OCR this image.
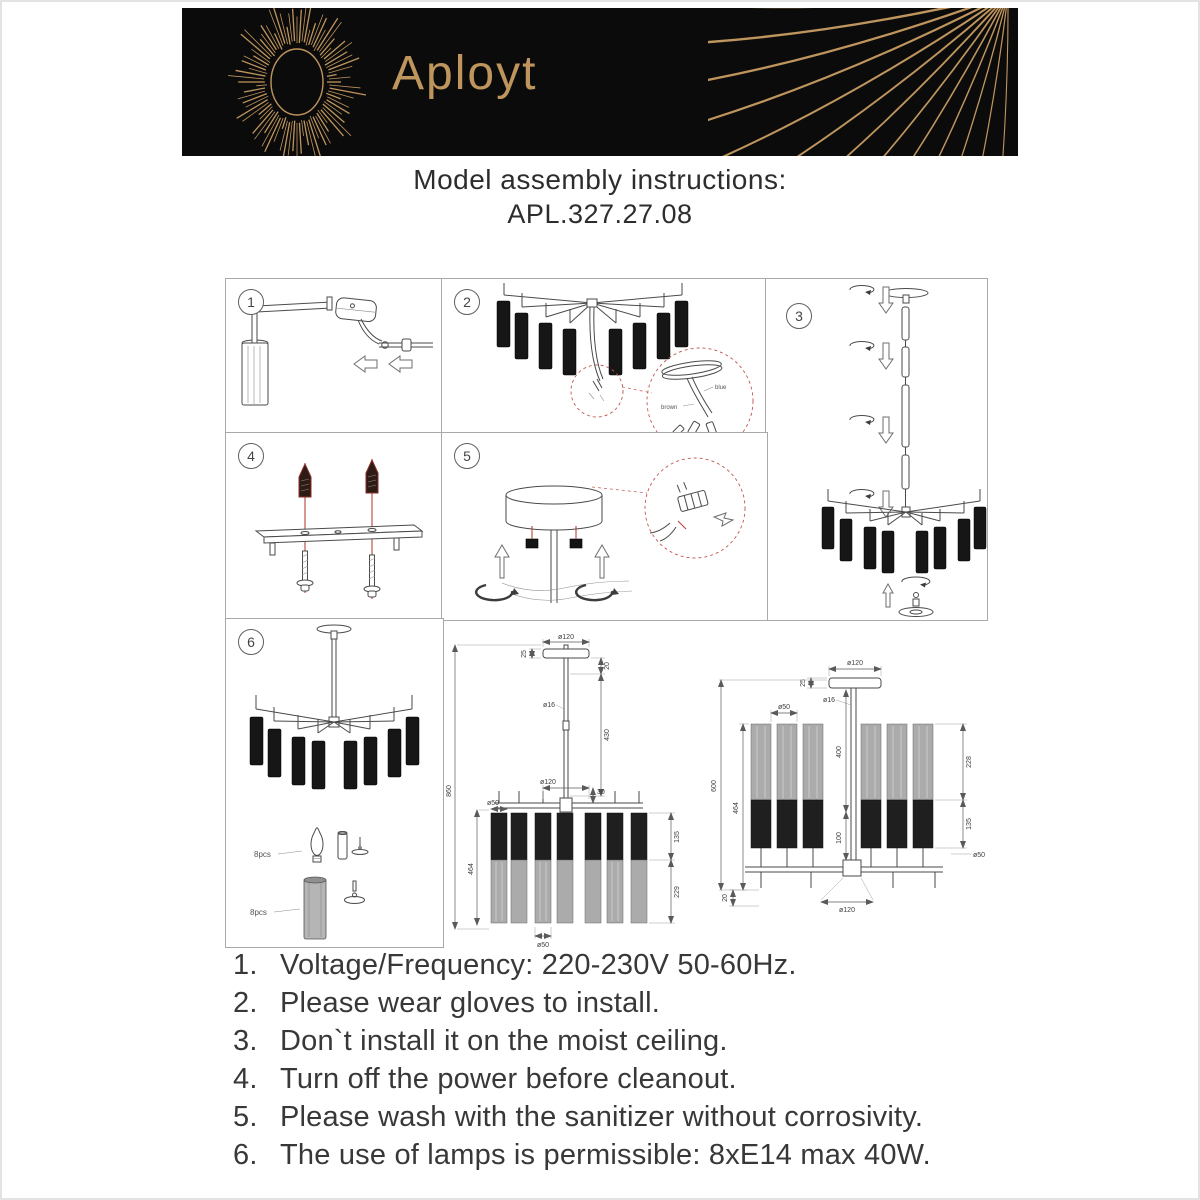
Aployt
Model assembly instructions:
APL.327.27.08
1	2
blue
brown
3
4	5
6
8pcs
8pcs
ø120
25
20
ø16
430
ø120
30
860
464
ø50
135
229
ø50
ø120
25
ø16
ø50
600
464
400
100
228
135
ø50
ø120
20
1. Voltage/Frequency: 220-230V 50-60Hz.
2. Please wear gloves to install.
3. Don`t install it on the moist ceiling.
4. Turn off the power before cleanout.
5. Please wash with the sanitizer without corrosivity.
6. The use of lamps is permissible: 8xE14 max 40W.
